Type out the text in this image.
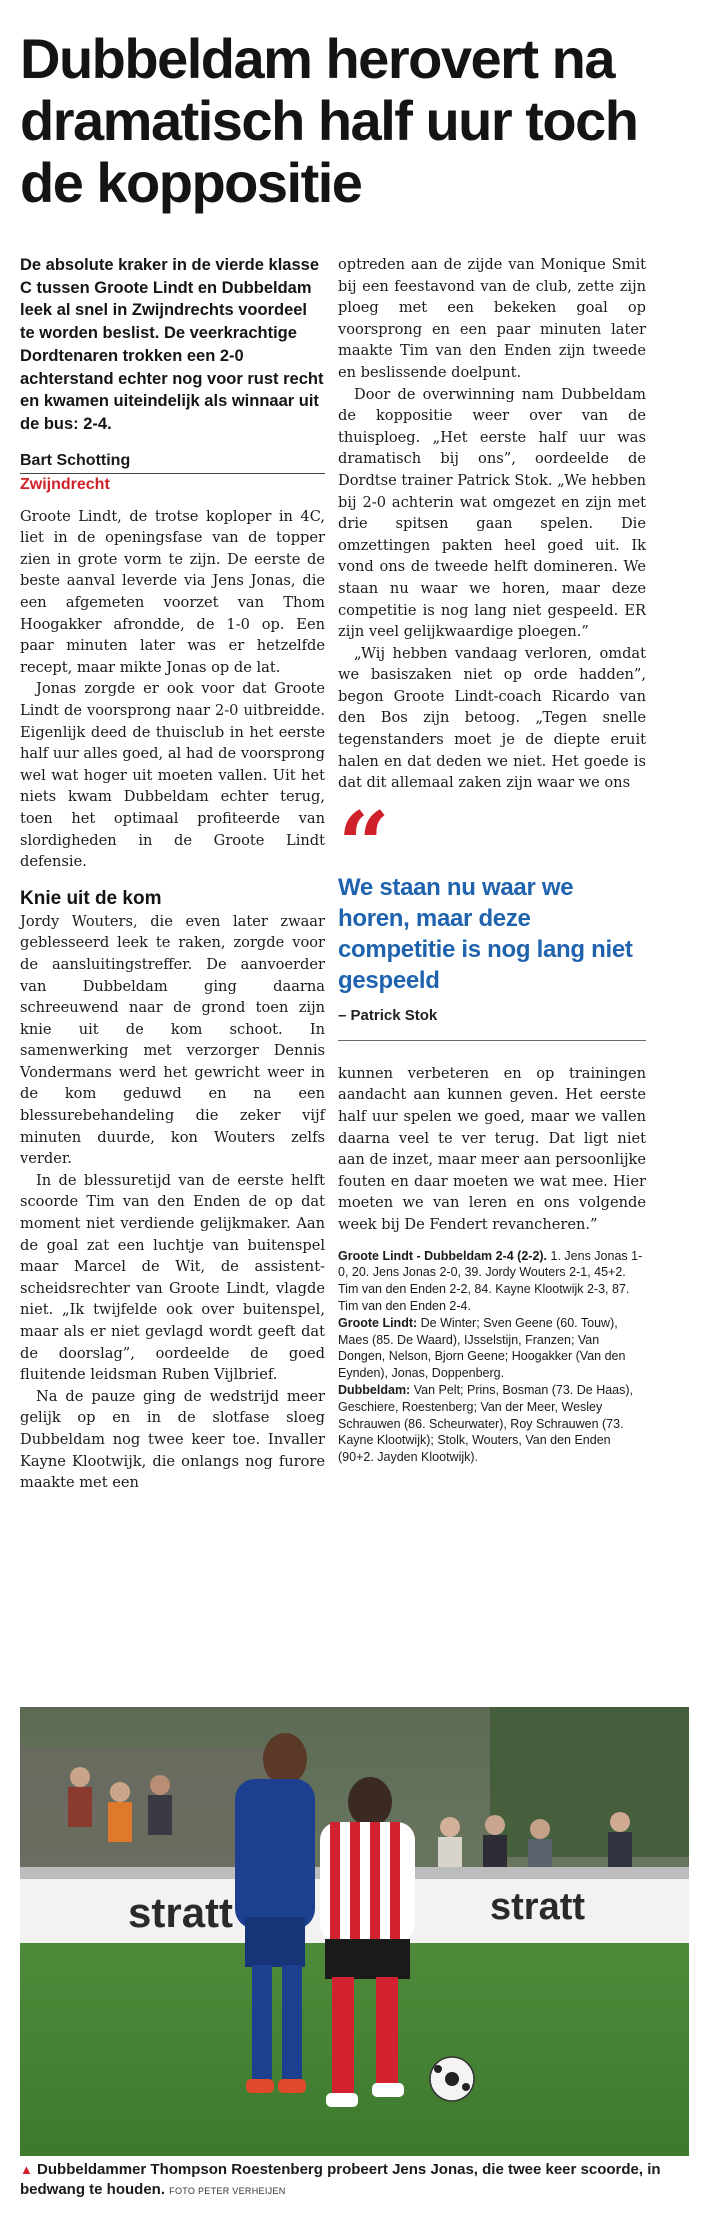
Dubbeldam herovert na dramatisch half uur toch de koppositie

De absolute kraker in de vierde klasse C tussen Groote Lindt en Dubbeldam leek al snel in Zwijndrechts voordeel te worden beslist. De veerkrachtige Dordtenaren trokken een 2-0 achterstand echter nog voor rust recht en kwamen uiteindelijk als winnaar uit de bus: 2-4.

Bart Schotting
Zwijndrecht

Groote Lindt, de trotse koploper in 4C, liet in de openingsfase van de topper zien in grote vorm te zijn. De eerste de beste aanval leverde via Jens Jonas, die een afgemeten voorzet van Thom Hoogakker afrondde, de 1-0 op. Een paar minuten later was er hetzelfde recept, maar mikte Jonas op de lat.

Jonas zorgde er ook voor dat Groote Lindt de voorsprong naar 2-0 uitbreidde. Eigenlijk deed de thuisclub in het eerste half uur alles goed, al had de voorsprong wel wat hoger uit moeten vallen. Uit het niets kwam Dubbeldam echter terug, toen het optimaal profiteerde van slordigheden in de Groote Lindt defensie.

Knie uit de kom

Jordy Wouters, die even later zwaar geblesseerd leek te raken, zorgde voor de aansluitingstreffer. De aanvoerder van Dubbeldam ging daarna schreeuwend naar de grond toen zijn knie uit de kom schoot. In samenwerking met verzorger Dennis Vondermans werd het gewricht weer in de kom geduwd en na een blessurebehandeling die zeker vijf minuten duurde, kon Wouters zelfs verder.

In de blessuretijd van de eerste helft scoorde Tim van den Enden de op dat moment niet verdiende gelijkmaker. Aan de goal zat een luchtje van buitenspel maar Marcel de Wit, de assistent-scheidsrechter van Groote Lindt, vlagde niet. „Ik twijfelde ook over buitenspel, maar als er niet gevlagd wordt geeft dat de doorslag”, oordeelde de goed fluitende leidsman Ruben Vijlbrief.

Na de pauze ging de wedstrijd meer gelijk op en in de slotfase sloeg Dubbeldam nog twee keer toe. Invaller Kayne Klootwijk, die onlangs nog furore maakte met een

optreden aan de zijde van Monique Smit bij een feestavond van de club, zette zijn ploeg met een bekeken goal op voorsprong en een paar minuten later maakte Tim van den Enden zijn tweede en beslissende doelpunt.

Door de overwinning nam Dubbeldam de koppositie weer over van de thuisploeg. „Het eerste half uur was dramatisch bij ons”, oordeelde de Dordtse trainer Patrick Stok. „We hebben bij 2-0 achterin wat omgezet en zijn met drie spitsen gaan spelen. Die omzettingen pakten heel goed uit. Ik vond ons de tweede helft domineren. We staan nu waar we horen, maar deze competitie is nog lang niet gespeeld. ER zijn veel gelijkwaardige ploegen.”

„Wij hebben vandaag verloren, omdat we basiszaken niet op orde hadden”, begon Groote Lindt-coach Ricardo van den Bos zijn betoog. „Tegen snelle tegenstanders moet je de diepte eruit halen en dat deden we niet. Het goede is dat dit allemaal zaken zijn waar we ons

“
We staan nu waar we horen, maar deze competitie is nog lang niet gespeeld
– Patrick Stok

kunnen verbeteren en op trainingen aandacht aan kunnen geven. Het eerste half uur spelen we goed, maar we vallen daarna veel te ver terug. Dat ligt niet aan de inzet, maar meer aan persoonlijke fouten en daar moeten we wat mee. Hier moeten we van leren en ons volgende week bij De Fendert revancheren.”

Groote Lindt - Dubbeldam 2-4 (2-2). 1. Jens Jonas 1-0, 20. Jens Jonas 2-0, 39. Jordy Wouters 2-1, 45+2. Tim van den Enden 2-2, 84. Kayne Klootwijk 2-3, 87. Tim van den Enden 2-4.

Groote Lindt: De Winter; Sven Geene (60. Touw), Maes (85. De Waard), IJsselstijn, Franzen; Van Dongen, Nelson, Bjorn Geene; Hoogakker (Van den Eynden), Jonas, Doppenberg.

Dubbeldam: Van Pelt; Prins, Bosman (73. De Haas), Geschiere, Roestenberg; Van der Meer, Wesley Schrauwen (86. Scheurwater), Roy Schrauwen (73. Kayne Klootwijk); Stolk, Wouters, Van den Enden (90+2. Jayden Klootwijk).

stratt	stratt
▲ Dubbeldammer Thompson Roestenberg probeert Jens Jonas, die twee keer scoorde, in bedwang te houden. FOTO PETER VERHEIJEN
